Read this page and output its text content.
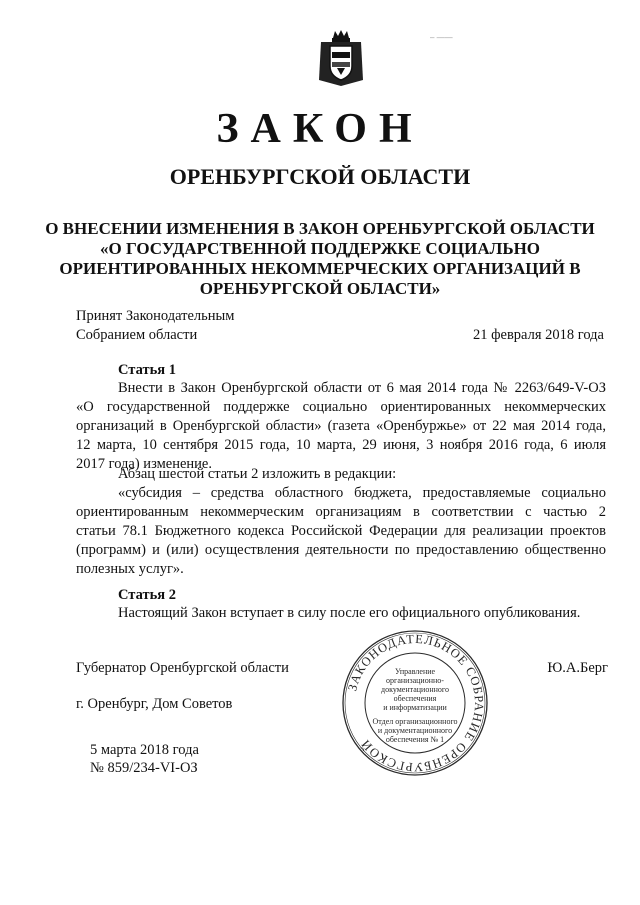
– ——
ЗАКОН
ОРЕНБУРГСКОЙ ОБЛАСТИ
О ВНЕСЕНИИ ИЗМЕНЕНИЯ В ЗАКОН ОРЕНБУРГСКОЙ ОБЛАСТИ
«О ГОСУДАРСТВЕННОЙ ПОДДЕРЖКЕ СОЦИАЛЬНО
ОРИЕНТИРОВАННЫХ НЕКОММЕРЧЕСКИХ ОРГАНИЗАЦИЙ В
ОРЕНБУРГСКОЙ ОБЛАСТИ»
Принят Законодательным
Собранием области	21 февраля 2018 года
Статья 1
Внести в Закон Оренбургской области от 6 мая 2014 года № 2263/649-V-ОЗ
«О государственной поддержке социально ориентированных некоммерческих
организаций в Оренбургской области» (газета «Оренбуржье» от 22 мая 2014 года,
12 марта, 10 сентября 2015 года, 10 марта, 29 июня, 3 ноября 2016 года, 6 июля
2017 года) изменение.
Абзац шестой статьи 2 изложить в редакции:
«субсидия – средства областного бюджета, предоставляемые социально
ориентированным некоммерческим организациям в соответствии с частью 2
статьи 78.1 Бюджетного кодекса Российской Федерации для реализации проектов
(программ) и (или) осуществления деятельности по предоставлению общественно
полезных услуг».
Статья 2
Настоящий Закон вступает в силу после его официального опубликования.
Губернатор Оренбургской области	Ю.А.Берг
г. Оренбург, Дом Советов
5 марта 2018 года
№ 859/234-VI-ОЗ
ЗАКОНОДАТЕЛЬНОЕ СОБРАНИЕ ОРЕНБУРГСКОЙ
Управление
организационно-
документационного
обеспечения
и информатизации
Отдел организационного
и документационного
обеспечения № 1
